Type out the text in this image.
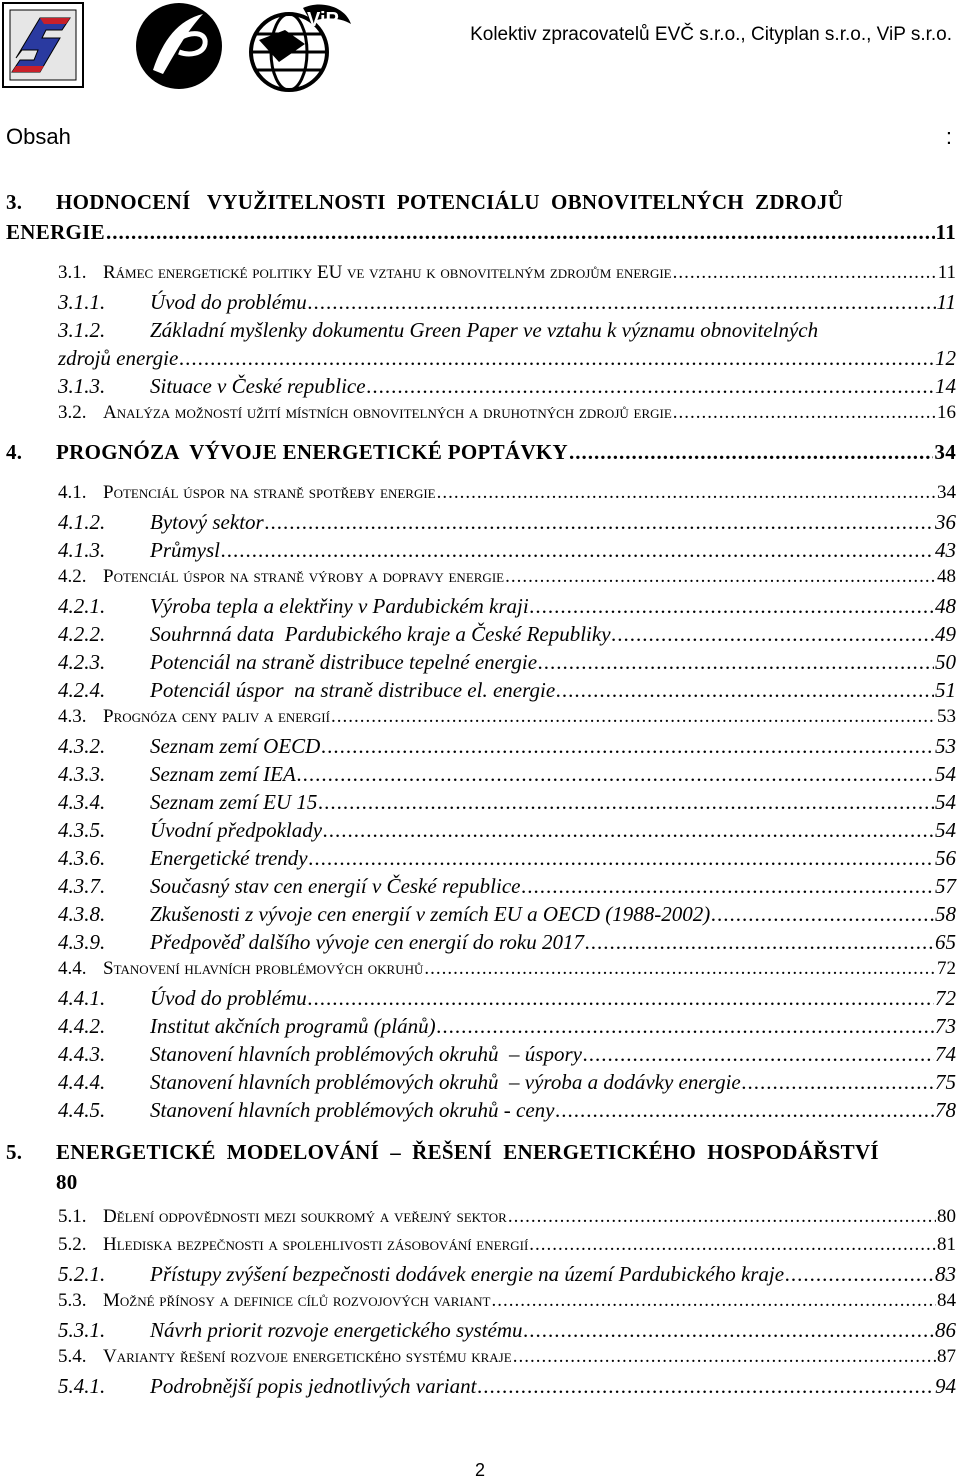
ViP
Kolektiv zpracovatelů EVČ s.r.o., Cityplan s.r.o., ViP s.r.o.
Obsah	:
3.	HODNOCENÍ   VYUŽITELNOSTI  POTENCIÁLU  OBNOVITELNÝCH  ZDROJŮ
ENERGIE .....	11
3.1. Rámec energetické politiky EU ve vztahu k obnovitelným zdrojům energie .....	11
3.1.1.	Úvod do problému .....	11
3.1.2.	Základní myšlenky dokumentu Green Paper ve vztahu k významu obnovitelných
zdrojů energie .....	12
3.1.3.	Situace v České republice .....	14
3.2. Analýza možností užití místních obnovitelných a druhotných zdrojů ergie .....	16
4.	PROGNÓZA  VÝVOJE ENERGETICKÉ POPTÁVKY .....	34
4.1. Potenciál úspor na straně spotřeby energie .....	34
4.1.2.	Bytový sektor .....	36
4.1.3.	Průmysl .....	43
4.2. Potenciál úspor na straně výroby a dopravy energie .....	48
4.2.1.	Výroba tepla a elektřiny v Pardubickém kraji .....	48
4.2.2.	Souhrnná data  Pardubického kraje a České Republiky .....	49
4.2.3.	Potenciál na straně distribuce tepelné energie .....	50
4.2.4.	Potenciál úspor  na straně distribuce el. energie .....	51
4.3. Prognóza ceny paliv a energií .....	53
4.3.2.	Seznam zemí OECD .....	53
4.3.3.	Seznam zemí IEA .....	54
4.3.4.	Seznam zemí EU 15 .....	54
4.3.5.	Úvodní předpoklady .....	54
4.3.6.	Energetické trendy .....	56
4.3.7.	Současný stav cen energií v České republice .....	57
4.3.8.	Zkušenosti z vývoje cen energií v zemích EU a OECD (1988-2002) .....	58
4.3.9.	Předpověď dalšího vývoje cen energií do roku 2017 .....	65
4.4. Stanovení hlavních problémových okruhů .....	72
4.4.1.	Úvod do problému .....	72
4.4.2.	Institut akčních programů (plánů) .....	73
4.4.3.	Stanovení hlavních problémových okruhů  – úspory .....	74
4.4.4.	Stanovení hlavních problémových okruhů  – výroba a dodávky energie .....	75
4.4.5.	Stanovení hlavních problémových okruhů - ceny .....	78
5.	ENERGETICKÉ  MODELOVÁNÍ  –  ŘEŠENÍ  ENERGETICKÉHO  HOSPODÁŘSTVÍ
80
5.1. Dělení odpovědnosti mezi soukromý a veřejný sektor .....	80
5.2. Hlediska bezpečnosti a spolehlivosti zásobování energií .....	81
5.2.1.	Přístupy zvýšení bezpečnosti dodávek energie na území Pardubického kraje .....	83
5.3. Možné přínosy a definice cílů rozvojových variant .....	84
5.3.1.	Návrh priorit rozvoje energetického systému .....	86
5.4. Varianty řešení rozvoje energetického systému kraje .....	87
5.4.1.	Podrobnější popis jednotlivých variant .....	94
2
